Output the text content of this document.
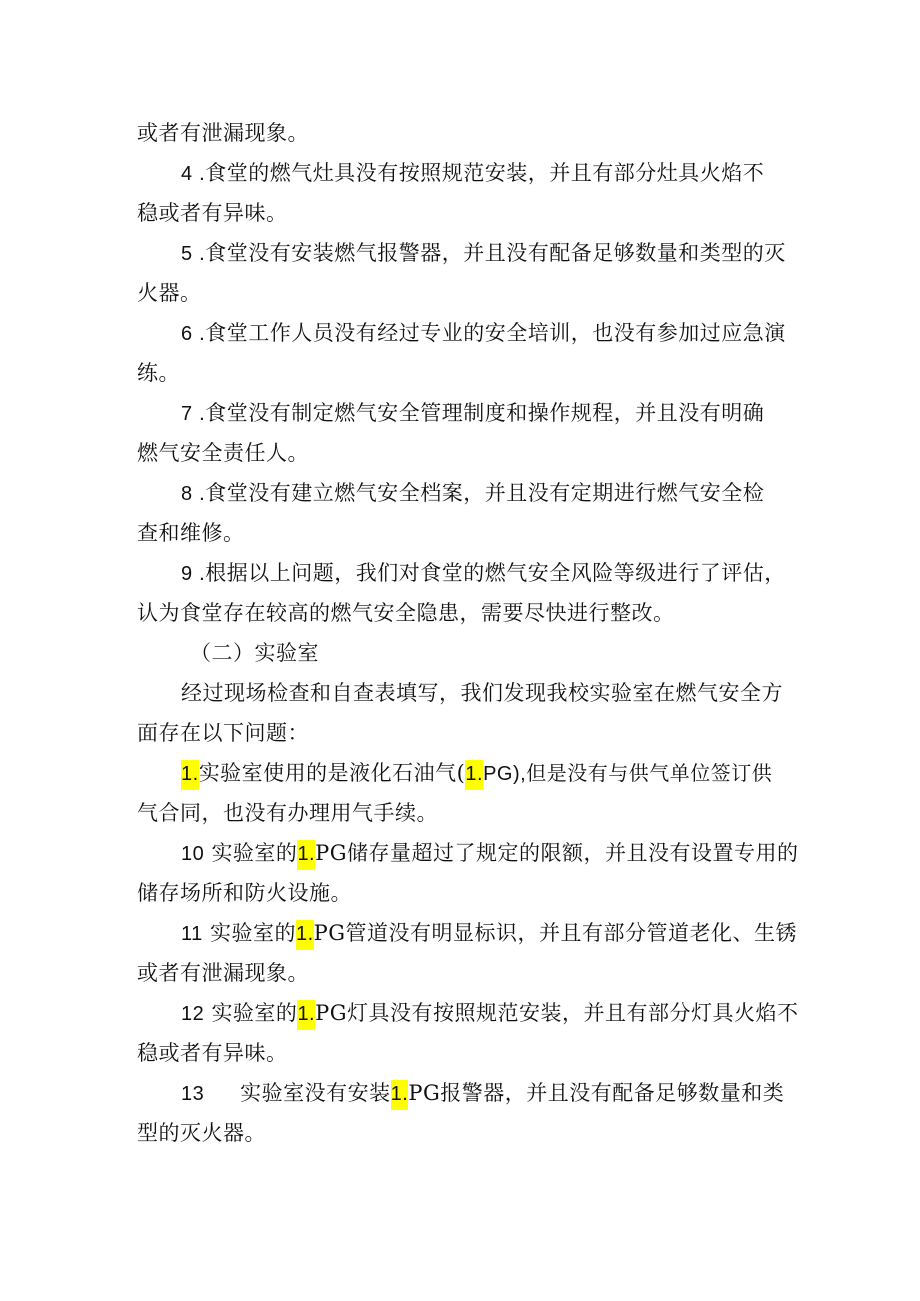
或者有泄漏现象。
4 .食堂的燃气灶具没有按照规范安装，并且有部分灶具火焰不
稳或者有异味。
5 .食堂没有安装燃气报警器，并且没有配备足够数量和类型的灭
火器。
6 .食堂工作人员没有经过专业的安全培训，也没有参加过应急演
练。
7 .食堂没有制定燃气安全管理制度和操作规程，并且没有明确
燃气安全责任人。
8 .食堂没有建立燃气安全档案，并且没有定期进行燃气安全检
查和维修。
9 .根据以上问题，我们对食堂的燃气安全风险等级进行了评估，
认为食堂存在较高的燃气安全隐患，需要尽快进行整改。
（二）实验室
经过现场检查和自查表填写，我们发现我校实验室在燃气安全方
面存在以下问题：
1.实验室使用的是液化石油气(1.PG),但是没有与供气单位签订供
气合同，也没有办理用气手续。
10 实验室的1.PG储存量超过了规定的限额，并且没有设置专用的
储存场所和防火设施。
11 实验室的1.PG管道没有明显标识，并且有部分管道老化、生锈
或者有泄漏现象。
12 实验室的1.PG灯具没有按照规范安装，并且有部分灯具火焰不
稳或者有异味。
13 实验室没有安装1.PG报警器，并且没有配备足够数量和类
型的灭火器。
